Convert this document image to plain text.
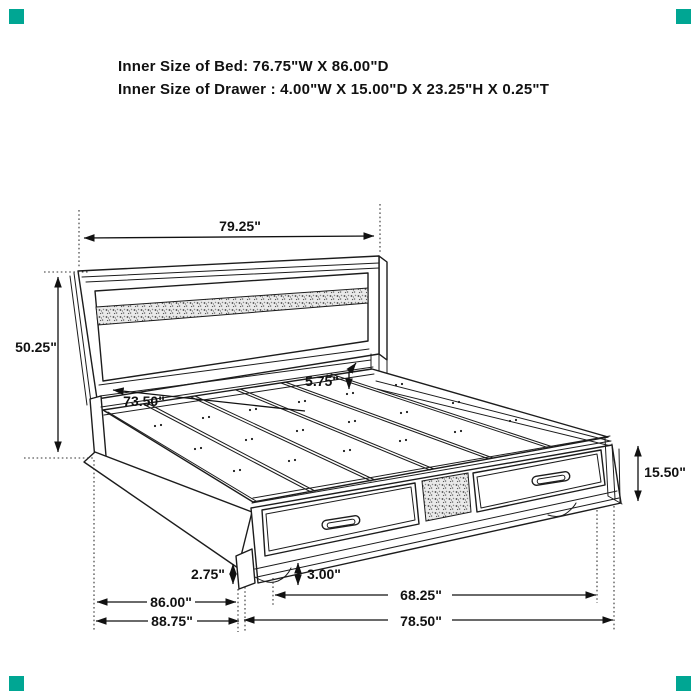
Inner Size of Bed: 76.75"W X 86.00"D
Inner Size of Drawer : 4.00"W X 15.00"D X 23.25"H X 0.25"T
79.25"
50.25"
73.50"
5.75"
15.50"
2.75"	3.00"
86.00"
88.75"
68.25"
78.50"
